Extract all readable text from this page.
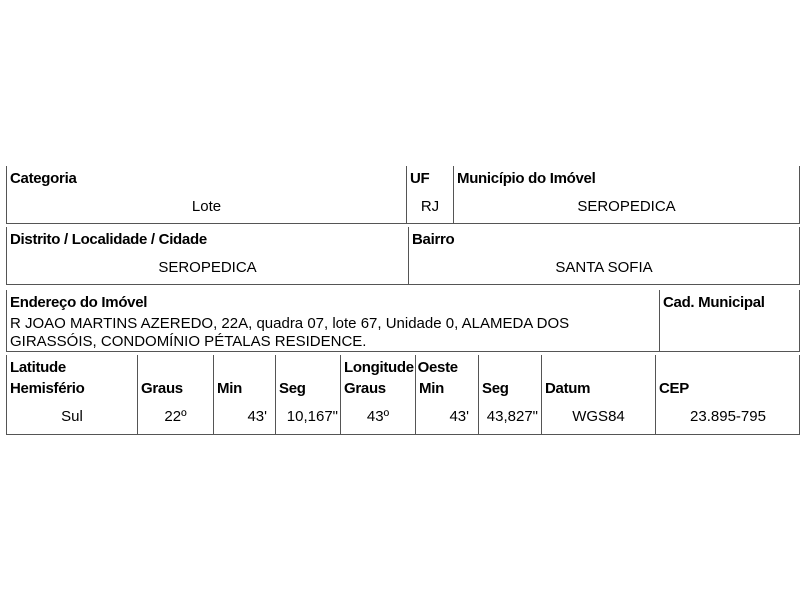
Categoria
Lote
UF
RJ
Município do Imóvel
SEROPEDICA
Distrito / Localidade / Cidade
SEROPEDICA
Bairro
SANTA SOFIA
Endereço do Imóvel
R JOAO MARTINS AZEREDO, 22A, quadra 07, lote 67, Unidade 0, ALAMEDA DOS
GIRASSÓIS, CONDOMÍNIO PÉTALAS RESIDENCE.
Cad. Municipal
Latitude	Longitude Oeste
Hemisfério
Sul
Graus
22º
Min
43'
Seg
10,167"
Graus
43º
Min
43'
Seg
43,827"
Datum
WGS84
CEP
23.895-795
